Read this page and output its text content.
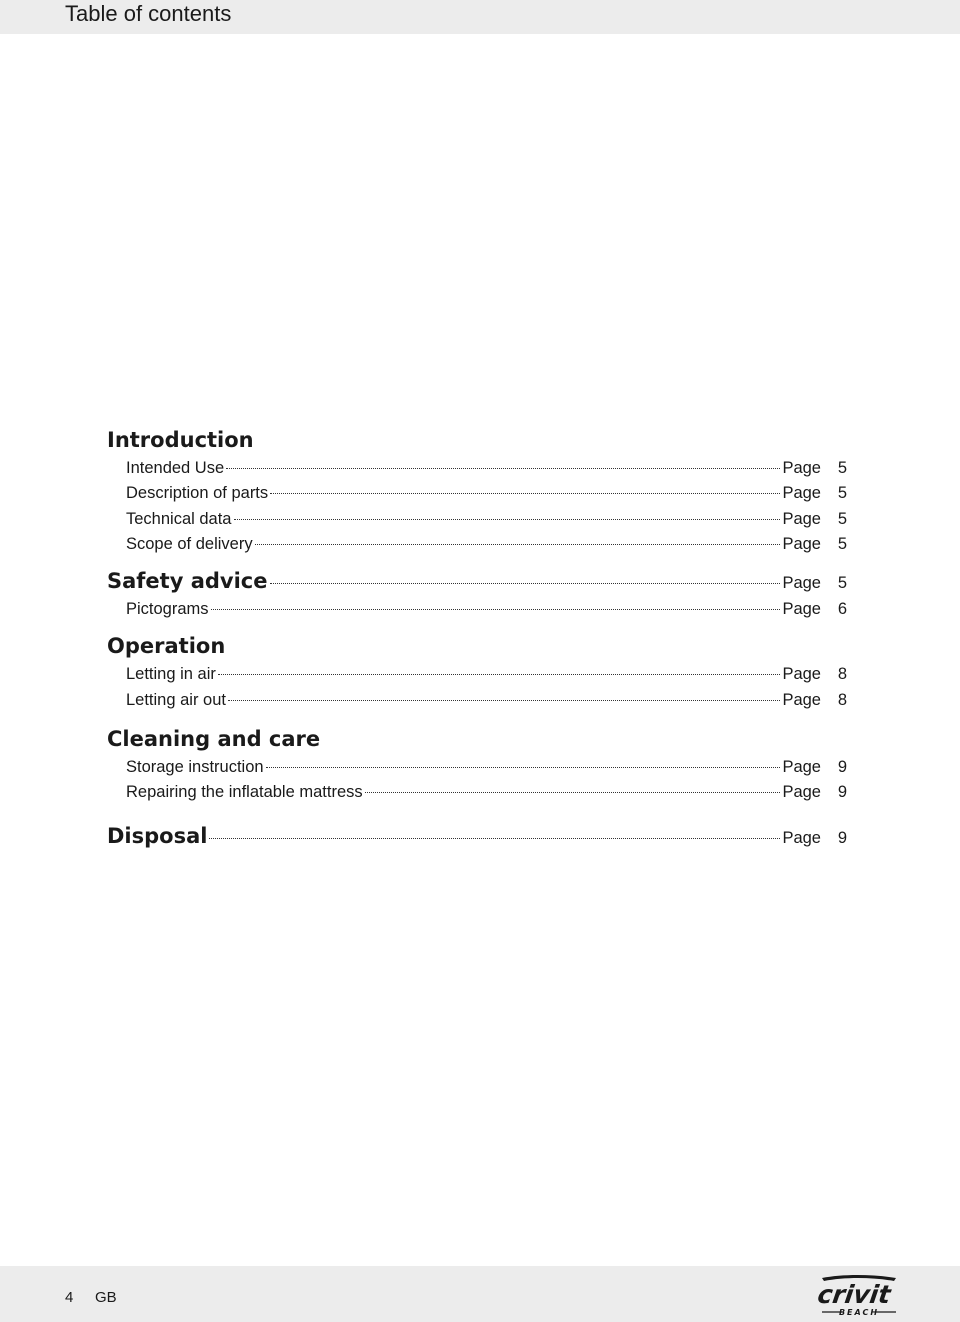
Table of contents
Introduction
Intended Use	Page	5
Description of parts	Page	5
Technical data	Page	5
Scope of delivery	Page	5
Safety advice	Page	5
Pictograms	Page	6
Operation
Letting in air	Page	8
Letting air out	Page	8
Cleaning and care
Storage instruction	Page	9
Repairing the inflatable mattress	Page	9
Disposal	Page	9
4 GB	crivit
BEACH
